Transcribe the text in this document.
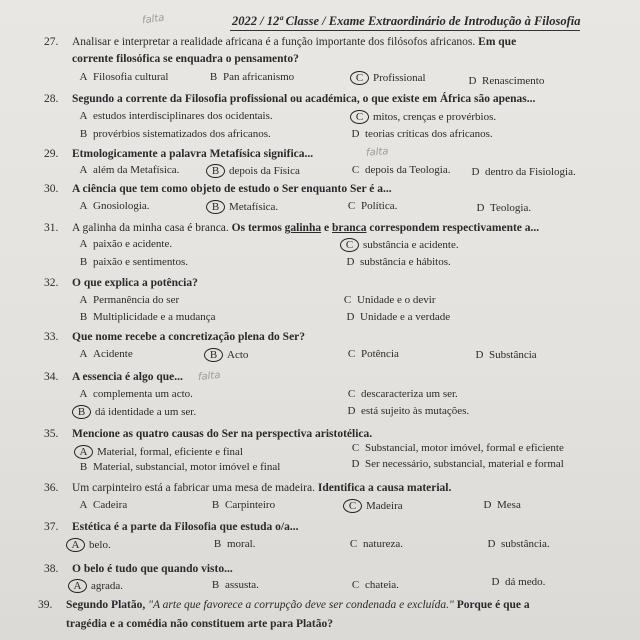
2022 / 12ª Classe / Exame Extraordinário de Introdução à Filosofia
27. Analisar e interpretar a realidade africana é a função importante dos filósofos africanos. Em que
corrente filosófica se enquadra o pensamento?
A Filosofia cultural	B Pan africanismo	C Profissional	D Renascimento
28. Segundo a corrente da Filosofia profissional ou académica, o que existe em África são apenas...
A estudos interdisciplinares dos ocidentais.	C mitos, crenças e provérbios.
B provérbios sistematizados dos africanos.	D teorias críticas dos africanos.
29. Etmologicamente a palavra Metafísica significa...
A além da Metafísica.	B depois da Física	C depois da Teologia. D dentro da Fisiologia.
30. A ciência que tem como objeto de estudo o Ser enquanto Ser é a...
A Gnosiologia.	B Metafísica.	C Política.	D Teologia.
31. A galinha da minha casa é branca. Os termos galinha e branca correspondem respectivamente a...
A paixão e acidente.	C substância e acidente.
B paixão e sentimentos.	D substância e hábitos.
32. O que explica a potência?
A Permanência do ser	C Unidade e o devir
B Multiplicidade e a mudança	D Unidade e a verdade
33. Que nome recebe a concretização plena do Ser?
A Acidente	B Acto	C Potência	D Substância
34. A essencia é algo que...
A complementa um acto.	C descaracteriza um ser.
B dá identidade a um ser.	D está sujeito às mutações.
35. Mencione as quatro causas do Ser na perspectiva aristotélica.
A Material, formal, eficiente e final	C Substancial, motor imóvel, formal e eficiente
B Material, substancial, motor imóvel e final	D Ser necessário, substancial, material e formal
36. Um carpinteiro está a fabricar uma mesa de madeira. Identifica a causa material.
A Cadeira	B Carpinteiro	C Madeira	D Mesa
37. Estética é a parte da Filosofia que estuda o/a...
A belo.	B moral.	C natureza.	D substância.
38. O belo é tudo que quando visto...
A agrada.	B assusta.	C chateia.	D dá medo.
39. Segundo Platão, "A arte que favorece a corrupção deve ser condenada e excluída." Porque é que a
tragédia e a comédia não constituem arte para Platão?
falta
falta
falta
